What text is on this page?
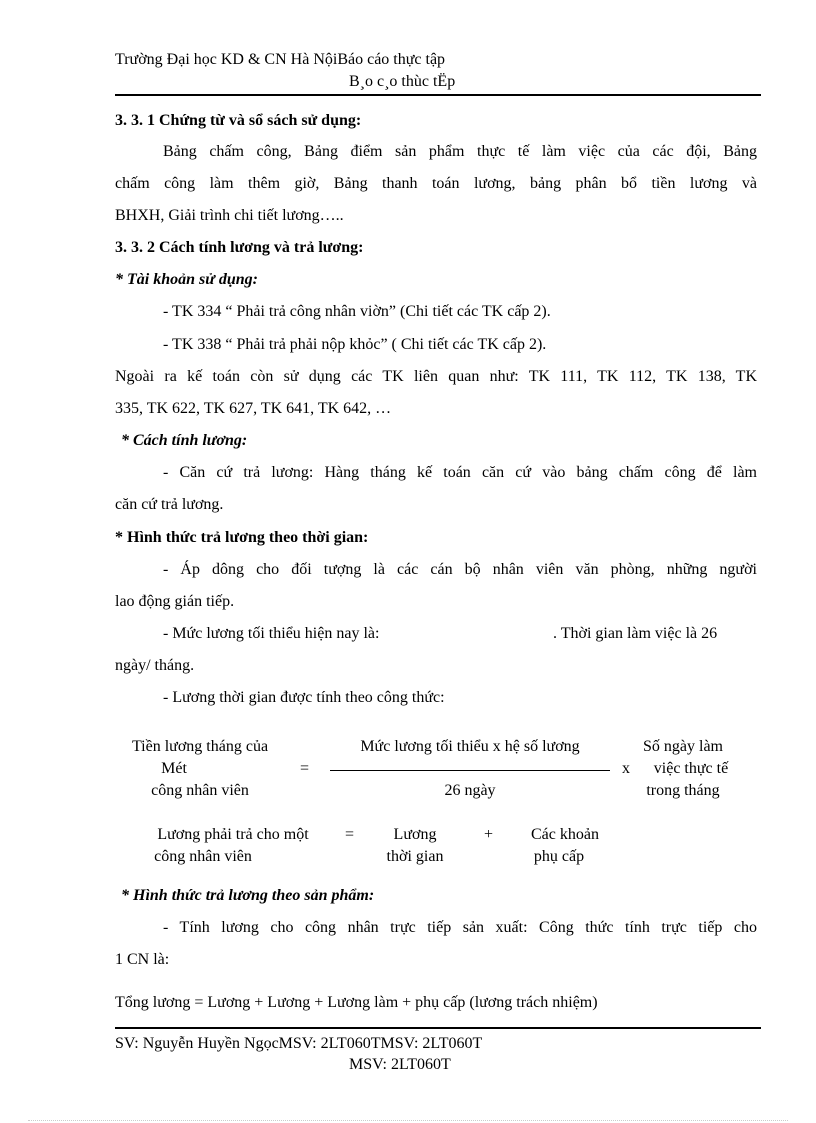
Trường Đại học KD & CN Hà NộiBáo cáo thực tập
B¸o c¸o thùc tËp
3. 3. 1 Chứng từ và sổ sách sử dụng:
Bảng chấm công, Bảng điểm sản phẩm thực tế làm việc của các đội, Bảng
chấm công làm thêm giờ, Bảng thanh toán lương, bảng phân bổ tiền lương và
BHXH, Giải trình chi tiết lương…..
3. 3. 2 Cách tính lương và trả lương:
* Tài khoản sử dụng:
- TK 334 “ Phải trả công nhân viờn” (Chi tiết các TK cấp 2).
- TK 338 “ Phải trả phải nộp khỏc” ( Chi tiết các TK cấp 2).
Ngoài ra kế toán còn sử dụng các TK liên quan như: TK 111, TK 112, TK 138, TK
335, TK 622, TK 627, TK 641, TK 642, …
* Cách tính lương:
- Căn cứ trả lương: Hàng tháng kế toán căn cứ vào bảng chấm công để làm
căn cứ trả lương.
* Hình thức trả lương theo thời gian:
- Áp dông cho đối tượng là các cán bộ nhân viên văn phòng, những người
lao động gián tiếp.
- Mức lương tối thiểu hiện nay là:	. Thời gian làm việc là 26
ngày/ tháng.
- Lương thời gian được tính theo công thức:
Tiền lương tháng của
Mét
công nhân viên
=
Mức lương tối thiểu x hệ số lương
26 ngày
x
Số ngày làm
việc thực tế
trong tháng
Lương phải trả cho một
công nhân viên
=	Lương
thời gian
+	Các khoản
phụ cấp
* Hình thức trả lương theo sản phẩm:
- Tính lương cho công nhân trực tiếp sản xuất: Công thức tính trực tiếp cho
1 CN là:
Tổng lương = Lương + Lương + Lương làm + phụ cấp (lương trách nhiệm)
SV: Nguyễn Huyền NgọcMSV: 2LT060TMSV: 2LT060T
MSV: 2LT060T
